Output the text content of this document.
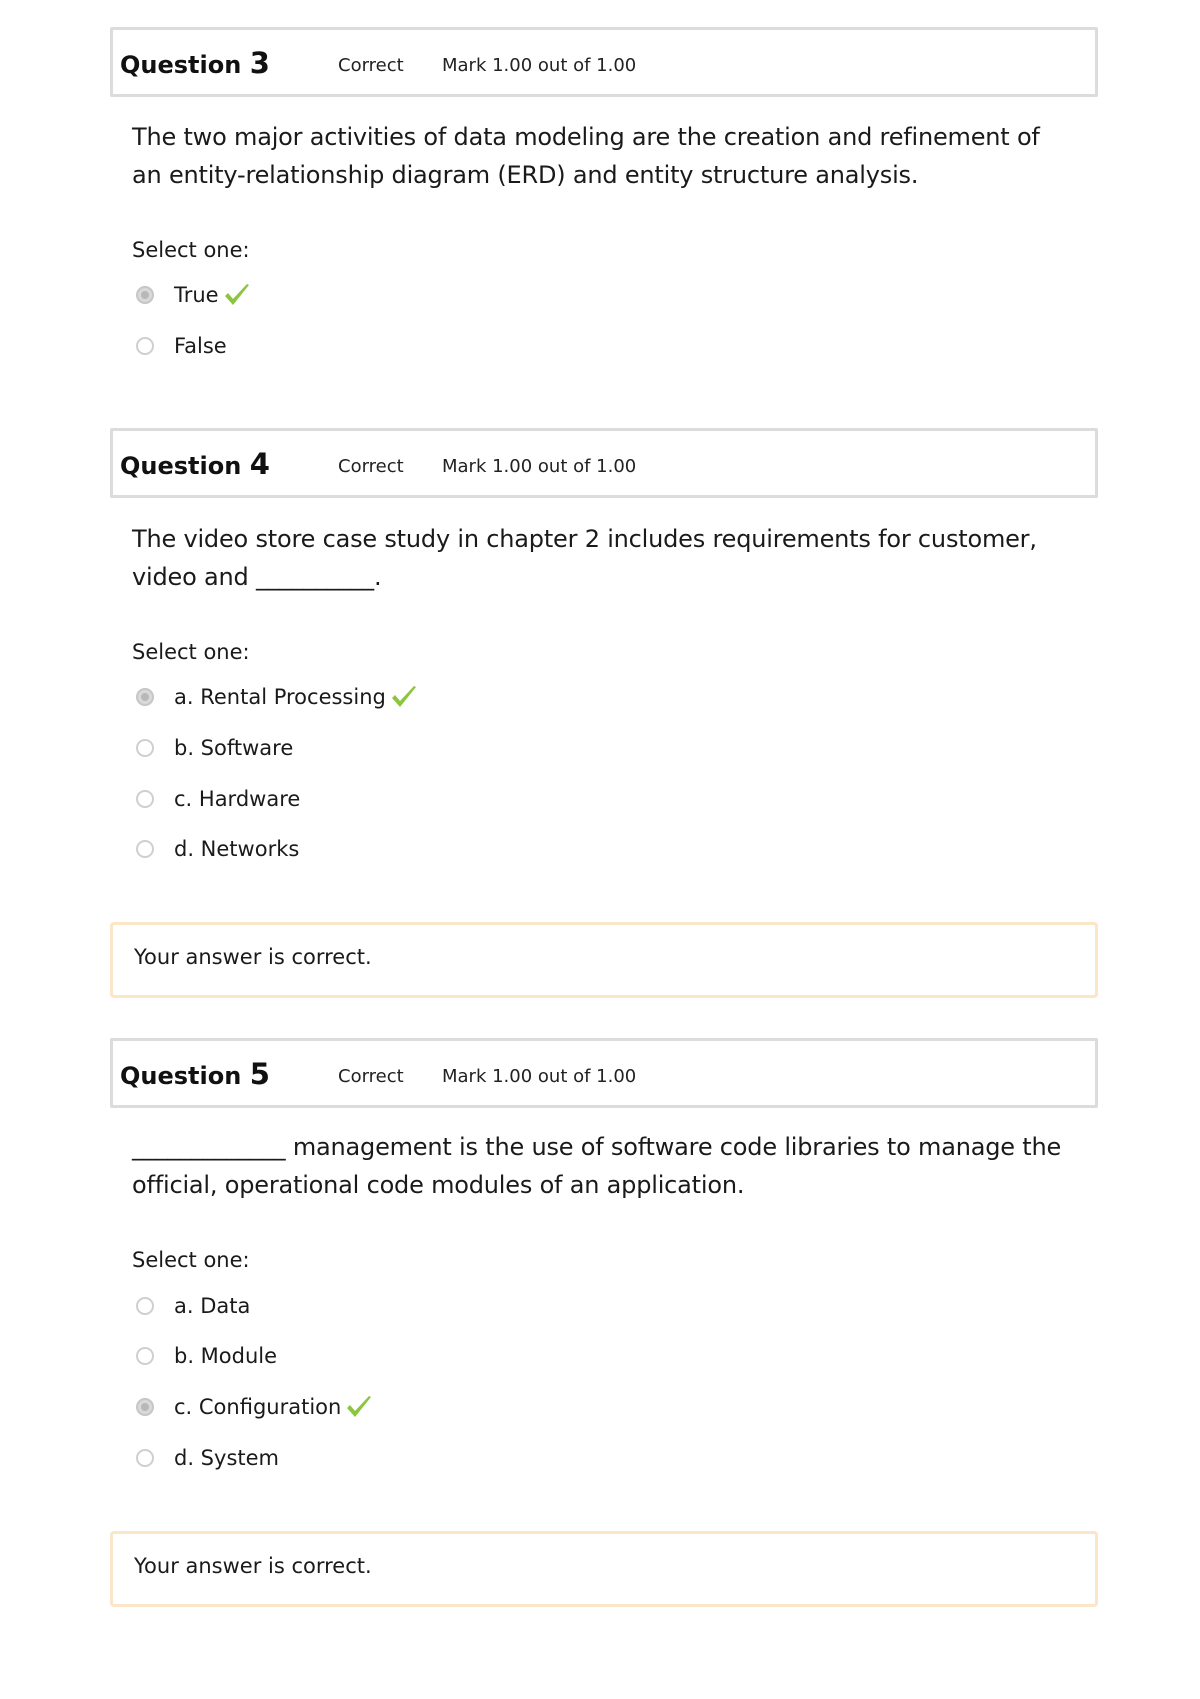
Question 3	Correct Mark 1.00 out of 1.00
The two major activities of data modeling are the creation and refinement of an entity-relationship diagram (ERD) and entity structure analysis.
Select one:
True
False
Question 4	Correct Mark 1.00 out of 1.00
The video store case study in chapter 2 includes requirements for customer, video and __________.
Select one:
a. Rental Processing
b. Software
c. Hardware
d. Networks
Your answer is correct.
Question 5	Correct Mark 1.00 out of 1.00
_____________ management is the use of software code libraries to manage the official, operational code modules of an application.
Select one:
a. Data
b. Module
c. Configuration
d. System
Your answer is correct.
